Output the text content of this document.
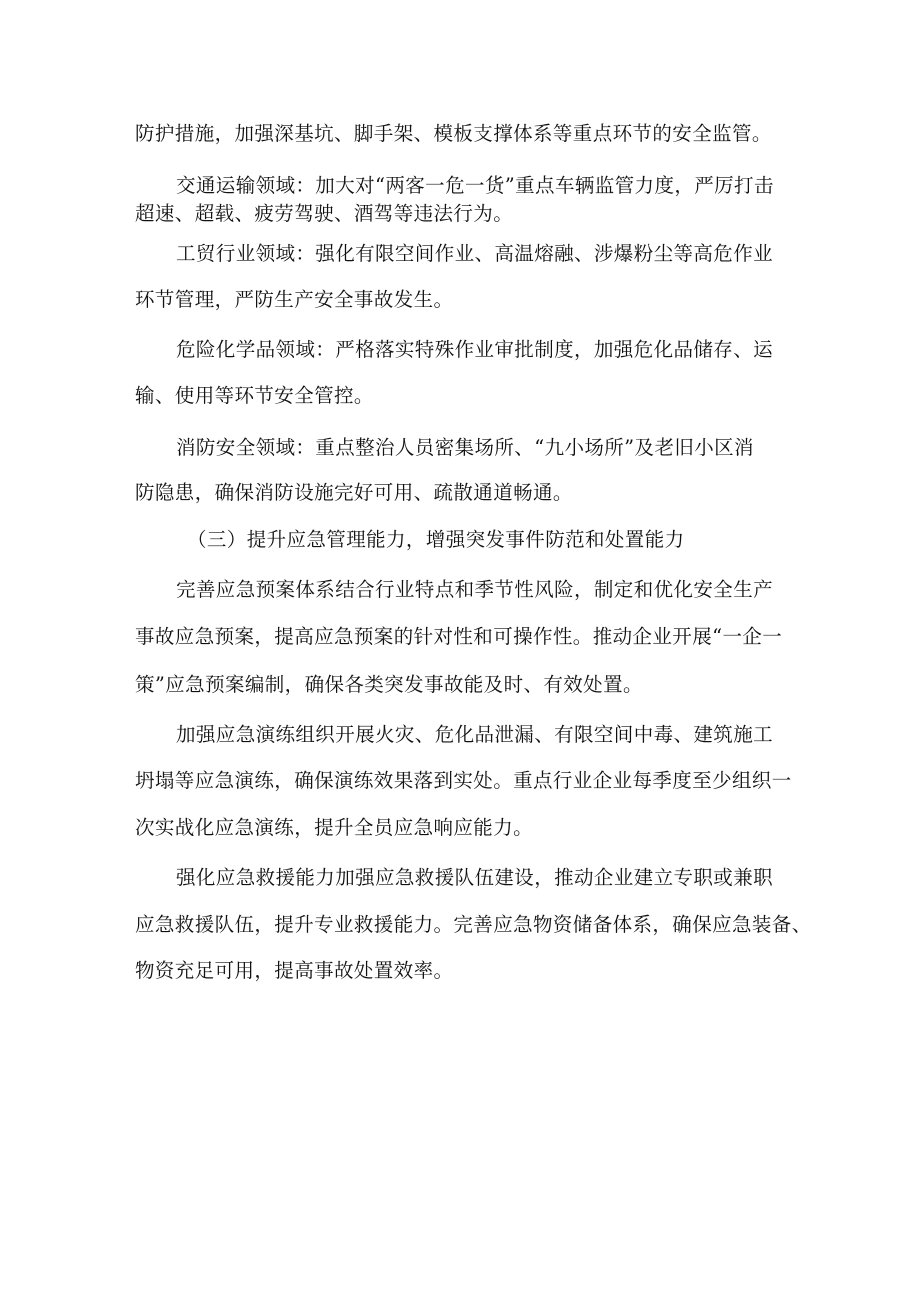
防护措施，加强深基坑、脚手架、模板支撑体系等重点环节的安全监管。
交通运输领域：加大对“两客一危一货”重点车辆监管力度，严厉打击
超速、超载、疲劳驾驶、酒驾等违法行为。
工贸行业领域：强化有限空间作业、高温熔融、涉爆粉尘等高危作业
环节管理，严防生产安全事故发生。
危险化学品领域：严格落实特殊作业审批制度，加强危化品储存、运
输、使用等环节安全管控。
消防安全领域：重点整治人员密集场所、“九小场所”及老旧小区消
防隐患，确保消防设施完好可用、疏散通道畅通。
（三）提升应急管理能力，增强突发事件防范和处置能力
完善应急预案体系结合行业特点和季节性风险，制定和优化安全生产
事故应急预案，提高应急预案的针对性和可操作性。推动企业开展“一企一
策”应急预案编制，确保各类突发事故能及时、有效处置。
加强应急演练组织开展火灾、危化品泄漏、有限空间中毒、建筑施工
坍塌等应急演练，确保演练效果落到实处。重点行业企业每季度至少组织一
次实战化应急演练，提升全员应急响应能力。
强化应急救援能力加强应急救援队伍建设，推动企业建立专职或兼职
应急救援队伍，提升专业救援能力。完善应急物资储备体系，确保应急装备、
物资充足可用，提高事故处置效率。
